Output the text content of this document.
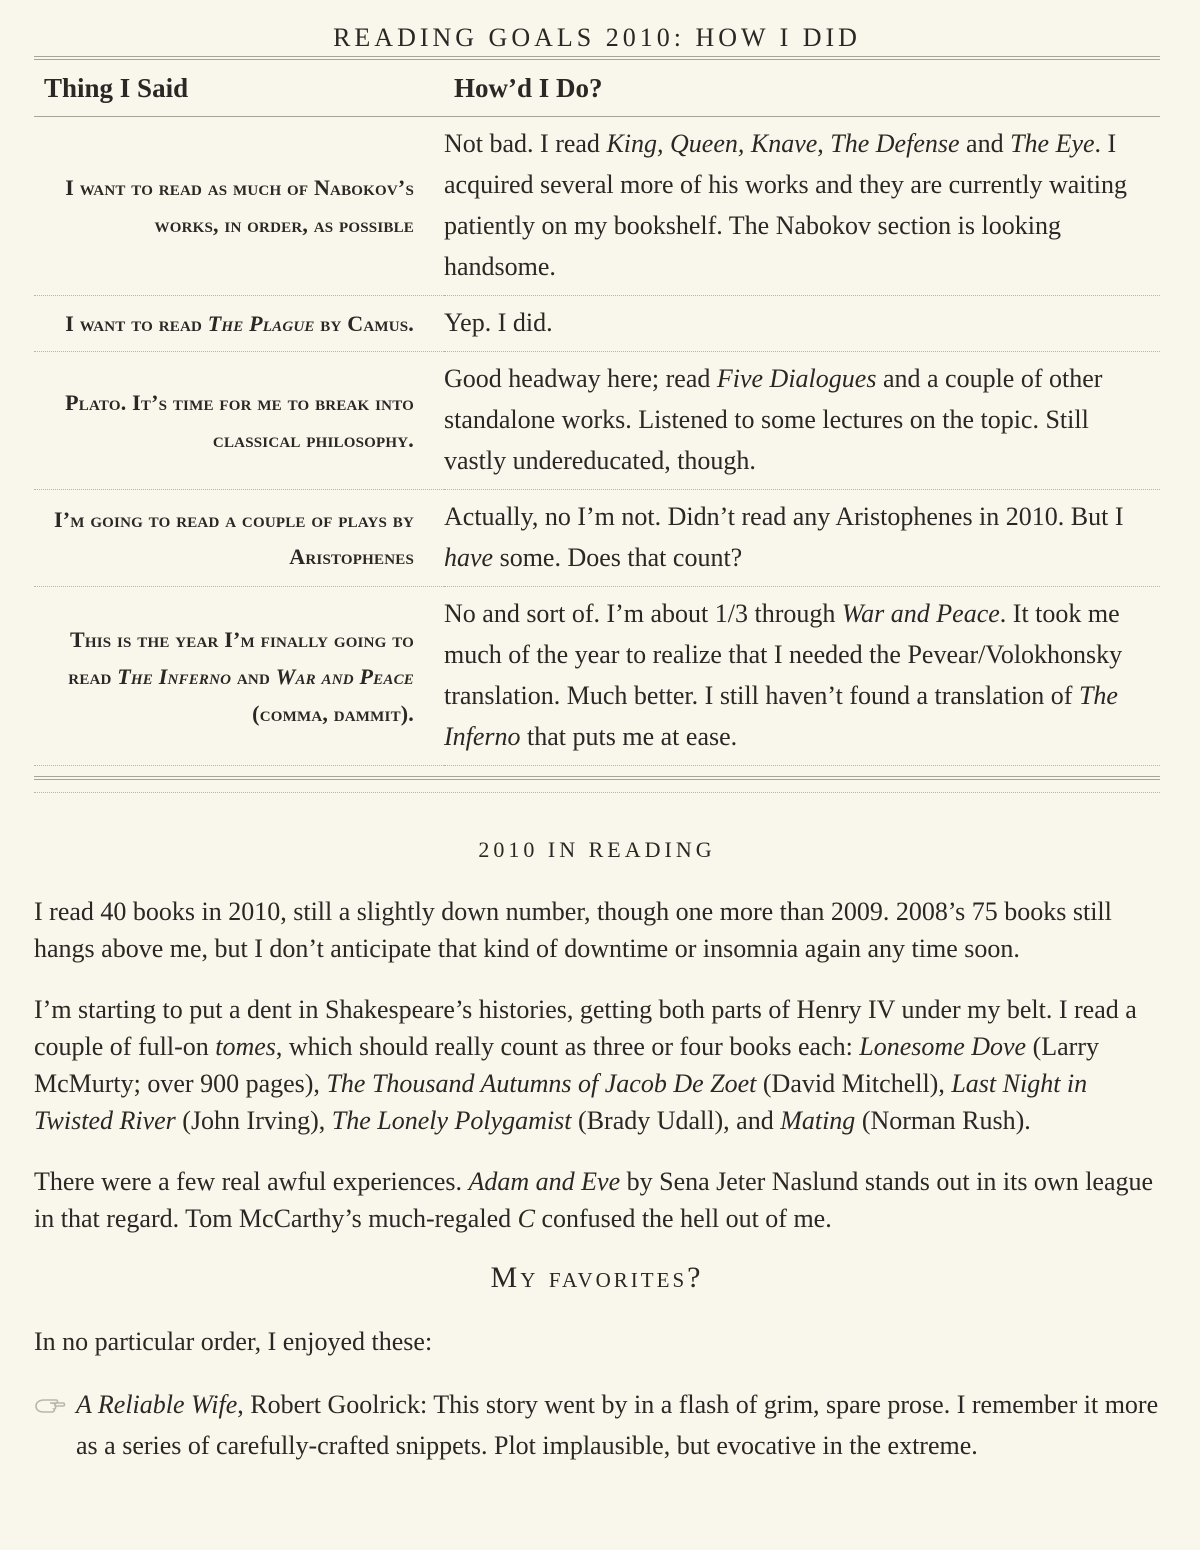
READING GOALS 2010: HOW I DID
Thing I Said	How’d I Do?
I want to read as much of Nabokov’s works, in order, as possible	Not bad. I read King, Queen, Knave, The Defense and The Eye. I acquired several more of his works and they are currently waiting patiently on my bookshelf. The Nabokov section is looking handsome.
I want to read The Plague by Camus.	Yep. I did.
Plato. It’s time for me to break into classical philosophy.	Good headway here; read Five Dialogues and a couple of other standalone works. Listened to some lectures on the topic. Still vastly undereducated, though.
I’m going to read a couple of plays by Aristophenes	Actually, no I’m not. Didn’t read any Aristophenes in 2010. But I have some. Does that count?
This is the year I’m finally going to read The Inferno and War and Peace (comma, dammit).	No and sort of. I’m about 1/3 through War and Peace. It took me much of the year to realize that I needed the Pevear/Volokhonsky translation. Much better. I still haven’t found a translation of The Inferno that puts me at ease.
2010 IN READING

I read 40 books in 2010, still a slightly down number, though one more than 2009. 2008’s 75 books still hangs above me, but I don’t anticipate that kind of downtime or insomnia again any time soon.

I’m starting to put a dent in Shakespeare’s histories, getting both parts of Henry IV under my belt. I read a couple of full-on tomes, which should really count as three or four books each: Lonesome Dove (Larry McMurty; over 900 pages), The Thousand Autumns of Jacob De Zoet (David Mitchell), Last Night in Twisted River (John Irving), The Lonely Polygamist (Brady Udall), and Mating (Norman Rush).

There were a few real awful experiences. Adam and Eve by Sena Jeter Naslund stands out in its own league in that regard. Tom McCarthy’s much-regaled C confused the hell out of me.

My favorites?

In no particular order, I enjoyed these:

A Reliable Wife, Robert Goolrick: This story went by in a flash of grim, spare prose. I remember it more as a series of carefully-crafted snippets. Plot implausible, but evocative in the extreme.
